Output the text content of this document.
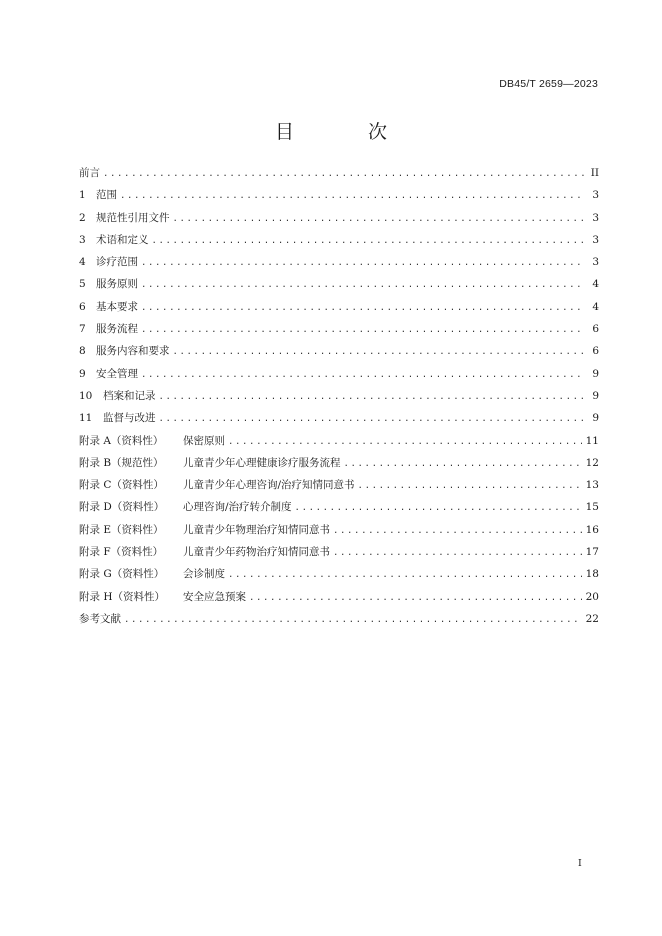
DB45/T 2659—2023
目 次
前言 .....	II
1 范围 .....	3
2 规范性引用文件 .....	3
3 术语和定义 .....	3
4 诊疗范围 .....	3
5 服务原则 .....	4
6 基本要求 .....	4
7 服务流程 .....	6
8 服务内容和要求 .....	6
9 安全管理 .....	9
10	档案和记录 .....	9
11	监督与改进 .....	9
附录 A（资料性）	保密原则 .....	11
附录 B（规范性）	儿童青少年心理健康诊疗服务流程 .....	12
附录 C（资料性）	儿童青少年心理咨询/治疗知情同意书 .....	13
附录 D（资料性）	心理咨询/治疗转介制度 .....	15
附录 E（资料性）	儿童青少年物理治疗知情同意书 .....	16
附录 F（资料性）	儿童青少年药物治疗知情同意书 .....	17
附录 G（资料性）	会诊制度 .....	18
附录 H（资料性）	安全应急预案 .....	20
参考文献 .....	22
I
